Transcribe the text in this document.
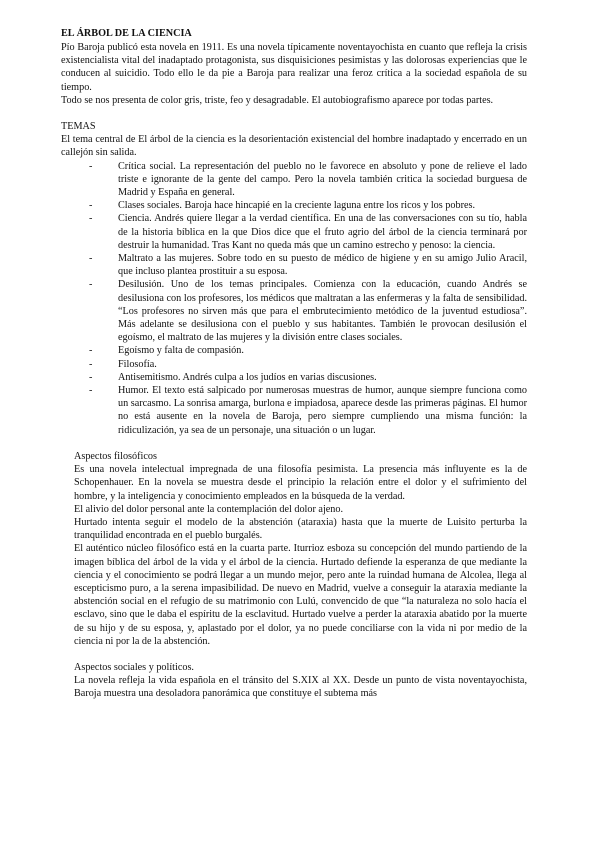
EL ÁRBOL DE LA CIENCIA

Pío Baroja publicó esta novela en 1911. Es una novela típicamente noventayochista en cuanto que refleja la crisis existencialista vital del inadaptado protagonista, sus disquisiciones pesimistas y las dolorosas experiencias que le conducen al suicidio. Todo ello le da pie a Baroja para realizar una feroz crítica a la sociedad española de su tiempo.

Todo se nos presenta de color gris, triste, feo y desagradable. El autobiografismo aparece por todas partes.

TEMAS

El tema central de El árbol de la ciencia es la desorientación existencial del hombre inadaptado y encerrado en un callejón sin salida.

-	Crítica social. La representación del pueblo no le favorece en absoluto y pone de relieve el lado triste e ignorante de la gente del campo. Pero la novela también critica la sociedad burguesa de Madrid y España en general.
-	Clases sociales. Baroja hace hincapié en la creciente laguna entre los ricos y los pobres.
-	Ciencia. Andrés quiere llegar a la verdad científica. En una de las conversaciones con su tío, habla de la historia bíblica en la que Dios dice que el fruto agrio del árbol de la ciencia terminará por destruir la humanidad. Tras Kant no queda más que un camino estrecho y penoso: la ciencia.
-	Maltrato a las mujeres. Sobre todo en su puesto de médico de higiene y en su amigo Julio Aracil, que incluso plantea prostituir a su esposa.
-	Desilusión. Uno de los temas principales. Comienza con la educación, cuando Andrés se desilusiona con los profesores, los médicos que maltratan a las enfermeras y la falta de sensibilidad. “Los profesores no sirven más que para el embrutecimiento metódico de la juventud estudiosa”. Más adelante se desilusiona con el pueblo y sus habitantes. También le provocan desilusión el egoísmo, el maltrato de las mujeres y la división entre clases sociales.
-	Egoísmo y falta de compasión.
-	Filosofía.
-	Antisemitismo. Andrés culpa a los judíos en varias discusiones.
-	Humor. El texto está salpicado por numerosas muestras de humor, aunque siempre funciona como un sarcasmo. La sonrisa amarga, burlona e impiadosa, aparece desde las primeras páginas. El humor no está ausente en la novela de Baroja, pero siempre cumpliendo una misma función: la ridiculización, ya sea de un personaje, una situación o un lugar.
Aspectos filosóficos

Es una novela intelectual impregnada de una filosofía pesimista. La presencia más influyente es la de Schopenhauer. En la novela se muestra desde el principio la relación entre el dolor y el sufrimiento del hombre, y la inteligencia y conocimiento empleados en la búsqueda de la verdad.

El alivio del dolor personal ante la contemplación del dolor ajeno.

Hurtado intenta seguir el modelo de la abstención (ataraxia) hasta que la muerte de Luisito perturba la tranquilidad encontrada en el pueblo burgalés.

El auténtico núcleo filosófico está en la cuarta parte. Iturrioz esboza su concepción del mundo partiendo de la imagen bíblica del árbol de la vida y el árbol de la ciencia. Hurtado defiende la esperanza de que mediante la ciencia y el conocimiento se podrá llegar a un mundo mejor, pero ante la ruindad humana de Alcolea, llega al escepticismo puro, a la serena impasibilidad. De nuevo en Madrid, vuelve a conseguir la ataraxia mediante la abstención social en el refugio de su matrimonio con Lulú, convencido de que “la naturaleza no solo hacía el esclavo, sino que le daba el espíritu de la esclavitud. Hurtado vuelve a perder la ataraxia abatido por la muerte de su hijo y de su esposa, y, aplastado por el dolor, ya no puede conciliarse con la vida ni por medio de la ciencia ni por la de la abstención.

Aspectos sociales y políticos.

La novela refleja la vida española en el tránsito del S.XIX al XX. Desde un punto de vista noventayochista, Baroja muestra una desoladora panorámica que constituye el subtema más
